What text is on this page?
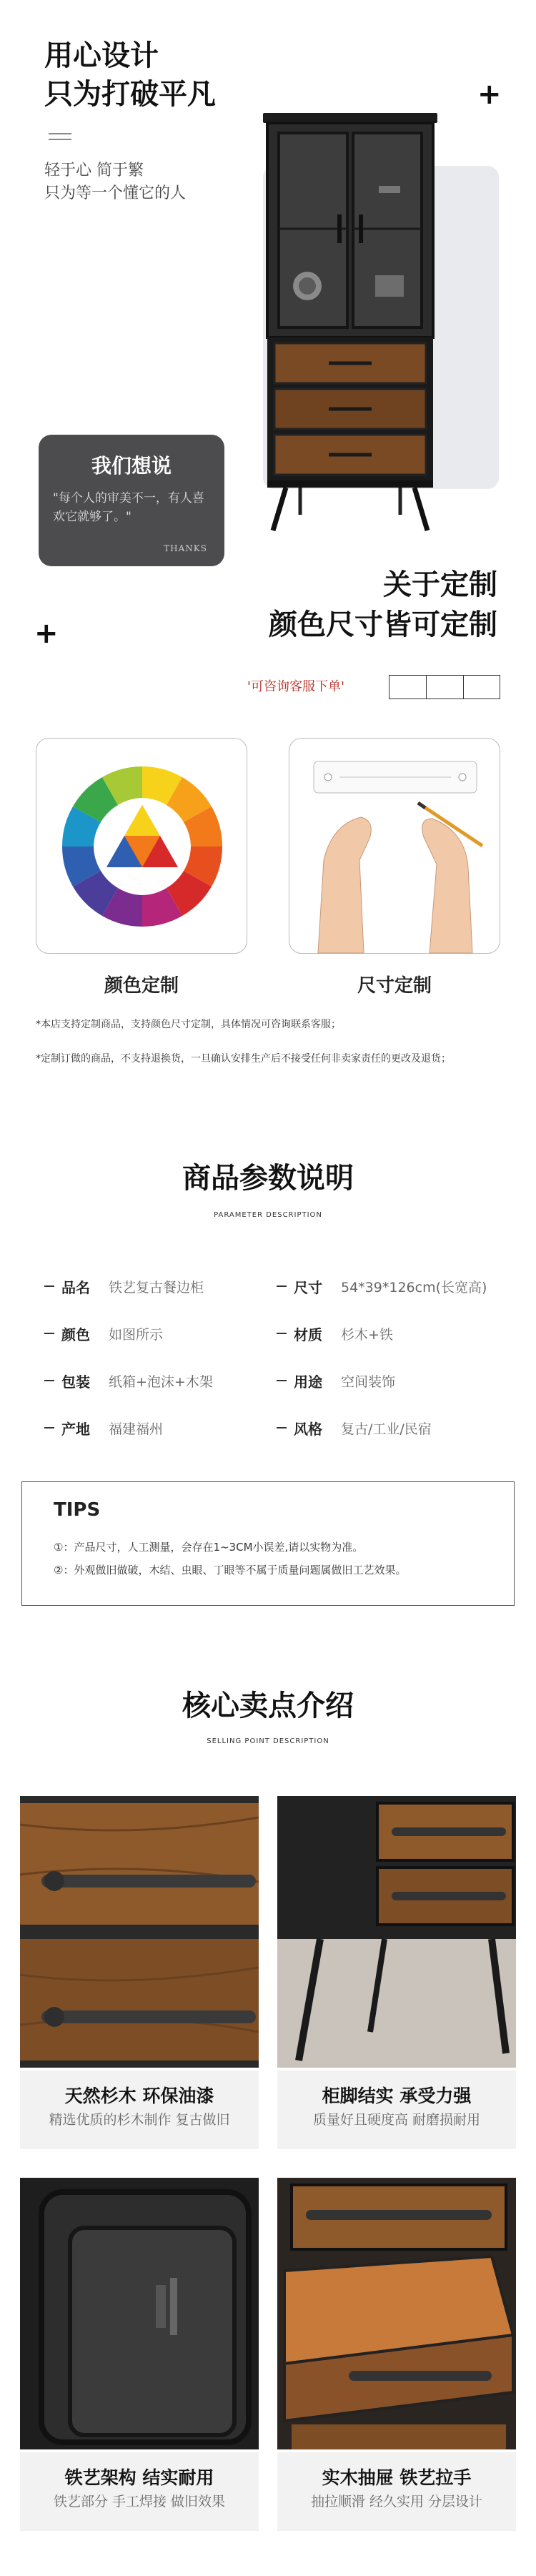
用心设计
只为打破平凡	+
轻于心 简于繁
只为等一个懂它的人
我们想说
"每个人的审美不一，有人喜欢它就够了。"
THANKS
关于定制
颜色尺寸皆可定制
+
'可咨询客服下单'
颜色定制	尺寸定制
*本店支持定制商品，支持颜色尺寸定制，具体情况可咨询联系客服；
*定制订做的商品，不支持退换货，一旦确认安排生产后不接受任何非卖家责任的更改及退货；
商品参数说明
PARAMETER DESCRIPTION
品名	铁艺复古餐边柜	尺寸	54*39*126cm(长宽高)
颜色	如图所示	材质	杉木+铁
包装	纸箱+泡沫+木架	用途	空间装饰
产地	福建福州	风格	复古/工业/民宿
TIPS
①：产品尺寸，人工测量，会存在1~3CM小误差,请以实物为准。
②：外观做旧做破，木结、虫眼、丁眼等不属于质量问题属做旧工艺效果。
核心卖点介绍
SELLING POINT DESCRIPTION
天然杉木 环保油漆
精选优质的杉木制作 复古做旧
柜脚结实 承受力强
质量好且硬度高 耐磨损耐用
铁艺架构 结实耐用
铁艺部分 手工焊接 做旧效果
实木抽屉 铁艺拉手
抽拉顺滑 经久实用 分层设计
